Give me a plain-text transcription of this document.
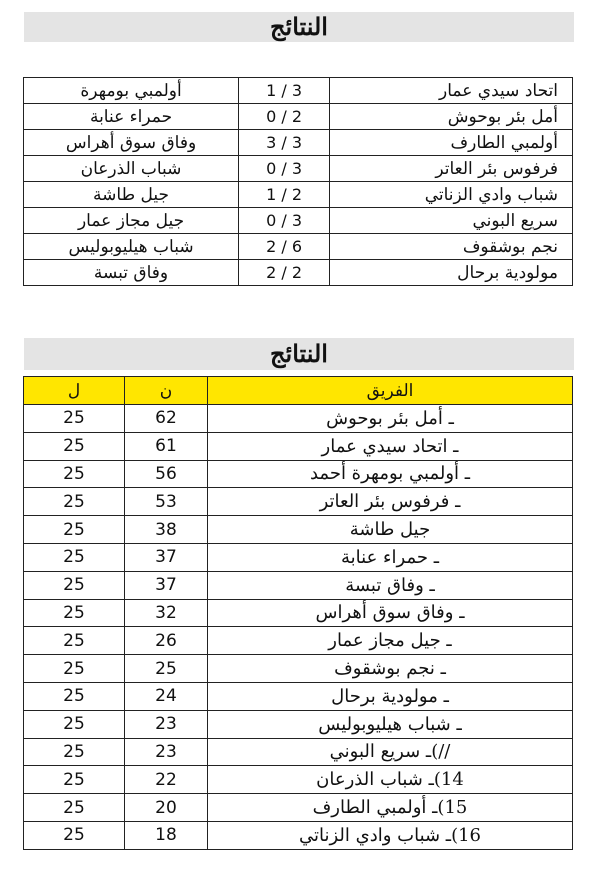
النتائج
أولمبي بومهرة	1 / 3	اتحاد سيدي عمار
حمراء عنابة	0 / 2	أمل بئر بوحوش
وفاق سوق أهراس	3 / 3	أولمبي الطارف
شباب الذرعان	0 / 3	فرفوس بئر العاتر
جيل طاشة	1 / 2	شباب وادي الزناتي
جيل مجاز عمار	0 / 3	سريع البوني
شباب هيليوبوليس	2 / 6	نجم بوشقوف
وفاق تبسة	2 / 2	مولودية برحال
النتائج
ل	ن	الفريق
25	62	ـ أمل بئر بوحوش
25	61	ـ اتحاد سيدي عمار
25	56	ـ أولمبي بومهرة أحمد
25	53	ـ فرفوس بئر العاتر
25	38	جيل طاشة
25	37	ـ حمراء عنابة
25	37	ـ وفاق تبسة
25	32	ـ وفاق سوق أهراس
25	26	ـ جيل مجاز عمار
25	25	ـ نجم بوشقوف
25	24	ـ مولودية برحال
25	23	ـ شباب هيليوبوليس
25	23	//)ـ سريع البوني
25	22	14)ـ شباب الذرعان
25	20	15)ـ أولمبي الطارف
25	18	16)ـ شباب وادي الزناتي
